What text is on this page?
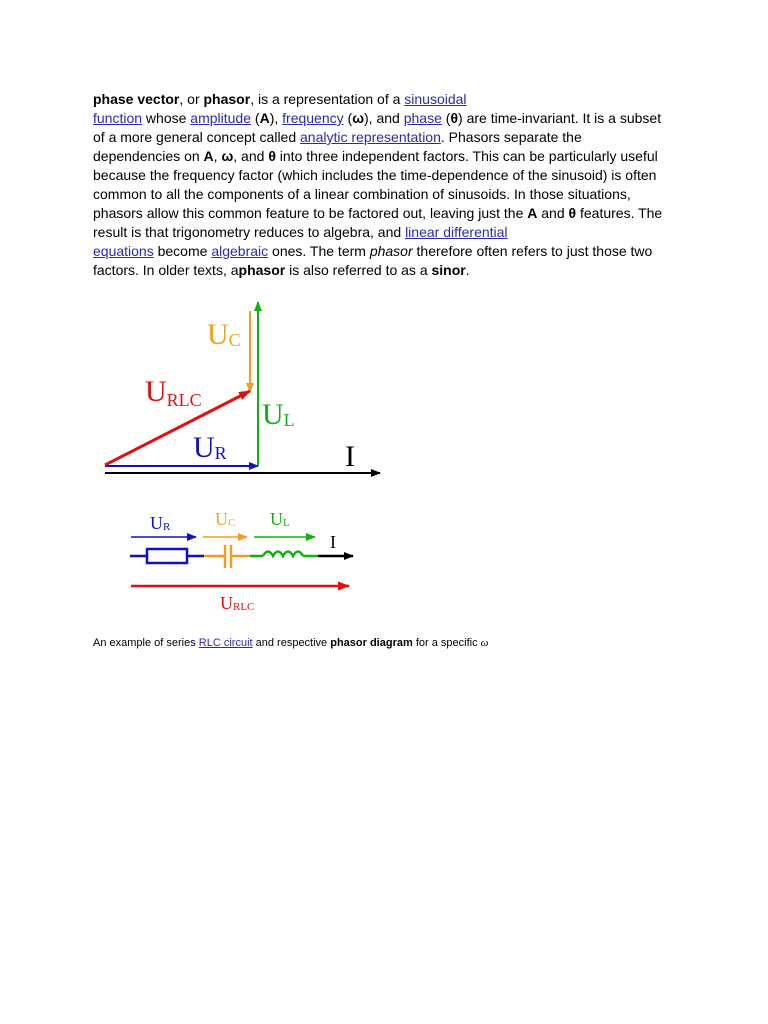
phase vector, or phasor, is a representation of a sinusoidal
function whose amplitude (A), frequency (ω), and phase (θ) are time-invariant. It is a subset
of a more general concept called analytic representation. Phasors separate the
dependencies on A, ω, and θ into three independent factors. This can be particularly useful
because the frequency factor (which includes the time-dependence of the sinusoid) is often
common to all the components of a linear combination of sinusoids. In those situations,
phasors allow this common feature to be factored out, leaving just the A and θ features. The
result is that trigonometry reduces to algebra, and linear differential
equations become algebraic ones. The term phasor therefore often refers to just those two
factors. In older texts, aphasor is also referred to as a sinor.
UC
URLC UL
UR	I
UR UC UL
I
URLC
An example of series RLC circuit and respective phasor diagram for a specific ω
